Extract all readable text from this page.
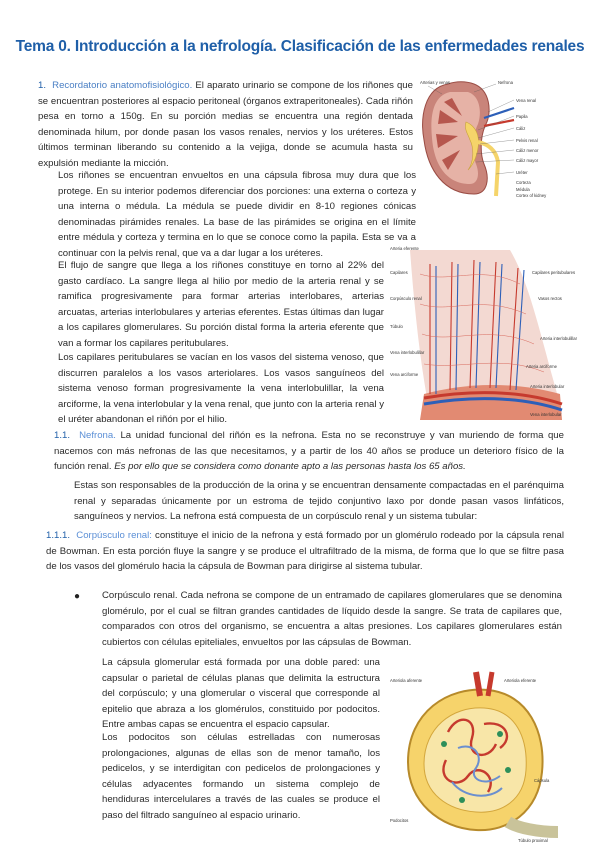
Tema 0. Introducción a la nefrología. Clasificación de las enfermedades renales

1. Recordatorio anatomofisiológico. El aparato urinario se compone de los riñones que se encuentran posteriores al espacio peritoneal (órganos extraperitoneales). Cada riñón pesa en torno a 150g. En su porción medias se encuentra una región dentada denominada hilum, por donde pasan los vasos renales, nervios y los uréteres. Estos últimos terminan liberando su contenido a la vejiga, donde se acumula hasta su expulsión mediante la micción.

Los riñones se encuentran envueltos en una cápsula fibrosa muy dura que los protege. En su interior podemos diferenciar dos porciones: una externa o corteza y una interna o médula. La médula se puede dividir en 8-10 regiones cónicas denominadas pirámides renales. La base de las pirámides se origina en el límite entre médula y corteza y termina en lo que se conoce como la papila. Esta se va a continuar con la pelvis renal, que va a dar lugar a los uréteres.

El flujo de sangre que llega a los riñones constituye en torno al 22% del gasto cardíaco. La sangre llega al hilio por medio de la arteria renal y se ramifica progresivamente para formar arterias interlobares, arterias arcuatas, arterias interlobulares y arterias eferentes. Estas últimas dan lugar a los capilares glomerulares. Su porción distal forma la arteria eferente que van a formar los capilares peritubulares.

Los capilares peritubulares se vacían en los vasos del sistema venoso, que discurren paralelos a los vasos arteriolares. Los vasos sanguíneos del sistema venoso forman progresivamente la vena interlobulillar, la vena arciforme, la vena interlobular y la vena renal, que junto con la arteria renal y el uréter abandonan el riñón por el hilio.

1.1. Nefrona. La unidad funcional del riñón es la nefrona. Esta no se reconstruye y van muriendo de forma que nacemos con más nefronas de las que necesitamos, y a partir de los 40 años se produce un deterioro físico de la función renal. Es por ello que se considera como donante apto a las personas hasta los 65 años.

Estas son responsables de la producción de la orina y se encuentran densamente compactadas en el parénquima renal y separadas únicamente por un estroma de tejido conjuntivo laxo por donde pasan vasos linfáticos, sanguíneos y nervios. La nefrona está compuesta de un corpúsculo renal y un sistema tubular:

1.1.1. Corpúsculo renal: constituye el inicio de la nefrona y está formado por un glomérulo rodeado por la cápsula renal de Bowman. En esta porción fluye la sangre y se produce el ultrafiltrado de la misma, de forma que lo que se filtre pasa de los vasos del glomérulo hacia la cápsula de Bowman para dirigirse al sistema tubular.

● Corpúsculo renal. Cada nefrona se compone de un entramado de capilares glomerulares que se denomina glomérulo, por el cual se filtran grandes cantidades de líquido desde la sangre. Se trata de capilares que, comparados con otros del organismo, se encuentra a altas presiones. Los capilares glomerulares están cubiertos con células epiteliales, envueltos por las cápsulas de Bowman.

La cápsula glomerular está formada por una doble pared: una capsular o parietal de células planas que delimita la estructura del corpúsculo; y una glomerular o visceral que corresponde al epitelio que abraza a los glomérulos, constituido por podocitos. Entre ambas capas se encuentra el espacio capsular.

Los podocitos son células estrelladas con numerosas prolongaciones, algunas de ellas son de menor tamaño, los pedicelos, y se interdigitan con pedicelos de prolongaciones y células adyacentes formando un sistema complejo de hendiduras intercelulares a través de las cuales se produce el paso del filtrado sanguíneo al espacio urinario.

Arterias y venas	Nefrona
Vena renal
Papila
Cáliz
Pelvis renal
Cáliz menor
Cáliz mayor
Uréter
Corteza
Médula
Cortex of kidney
Arteria eferente
Capilares
Corpúsculo renal
Capilares peritubulares
Vasos rectos
Túbulo
Vena interlobulillar
Arteria interlobulillar
Vena arciforme
Arteria arciforme
Arteria interlobular
Vena interlobular
Arteriola aferente	Arteriola eferente
Podocitos
Cápsula
Túbulo proximal
